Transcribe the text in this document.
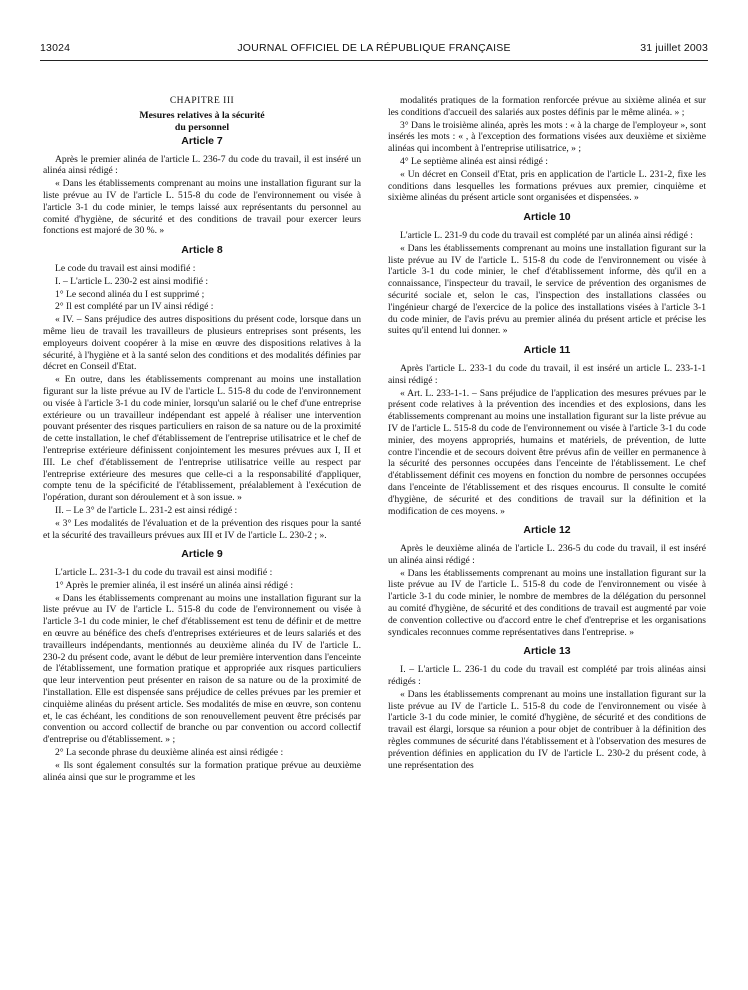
13024	JOURNAL OFFICIEL DE LA RÉPUBLIQUE FRANÇAISE	31 juillet 2003
CHAPITRE III
Mesures relatives à la sécurité
du personnel
Article 7

Après le premier alinéa de l'article L. 236-7 du code du travail, il est inséré un alinéa ainsi rédigé :

« Dans les établissements comprenant au moins une installation figurant sur la liste prévue au IV de l'article L. 515-8 du code de l'environnement ou visée à l'article 3-1 du code minier, le temps laissé aux représentants du personnel au comité d'hygiène, de sécurité et des conditions de travail pour exercer leurs fonctions est majoré de 30 %. »

Article 8

Le code du travail est ainsi modifié :

I. – L'article L. 230-2 est ainsi modifié :

1° Le second alinéa du I est supprimé ;

2° Il est complété par un IV ainsi rédigé :

« IV. – Sans préjudice des autres dispositions du présent code, lorsque dans un même lieu de travail les travailleurs de plusieurs entreprises sont présents, les employeurs doivent coopérer à la mise en œuvre des dispositions relatives à la sécurité, à l'hygiène et à la santé selon des conditions et des modalités définies par décret en Conseil d'Etat.

« En outre, dans les établissements comprenant au moins une installation figurant sur la liste prévue au IV de l'article L. 515-8 du code de l'environnement ou visée à l'article 3-1 du code minier, lorsqu'un salarié ou le chef d'une entreprise extérieure ou un travailleur indépendant est appelé à réaliser une intervention pouvant présenter des risques particuliers en raison de sa nature ou de la proximité de cette installation, le chef d'établissement de l'entreprise utilisatrice et le chef de l'entreprise extérieure définissent conjointement les mesures prévues aux I, II et III. Le chef d'établissement de l'entreprise utilisatrice veille au respect par l'entreprise extérieure des mesures que celle-ci a la responsabilité d'appliquer, compte tenu de la spécificité de l'établissement, préalablement à l'exécution de l'opération, durant son déroulement et à son issue. »

II. – Le 3° de l'article L. 231-2 est ainsi rédigé :

« 3° Les modalités de l'évaluation et de la prévention des risques pour la santé et la sécurité des travailleurs prévues aux III et IV de l'article L. 230-2 ; ».

Article 9

L'article L. 231-3-1 du code du travail est ainsi modifié :

1° Après le premier alinéa, il est inséré un alinéa ainsi rédigé :

« Dans les établissements comprenant au moins une installation figurant sur la liste prévue au IV de l'article L. 515-8 du code de l'environnement ou visée à l'article 3-1 du code minier, le chef d'établissement est tenu de définir et de mettre en œuvre au bénéfice des chefs d'entreprises extérieures et de leurs salariés et des travailleurs indépendants, mentionnés au deuxième alinéa du IV de l'article L. 230-2 du présent code, avant le début de leur première intervention dans l'enceinte de l'établissement, une formation pratique et appropriée aux risques particuliers que leur intervention peut présenter en raison de sa nature ou de la proximité de l'installation. Elle est dispensée sans préjudice de celles prévues par les premier et cinquième alinéas du présent article. Ses modalités de mise en œuvre, son contenu et, le cas échéant, les conditions de son renouvellement peuvent être précisés par convention ou accord collectif de branche ou par convention ou accord collectif d'entreprise ou d'établissement. » ;

2° La seconde phrase du deuxième alinéa est ainsi rédigée :

« Ils sont également consultés sur la formation pratique prévue au deuxième alinéa ainsi que sur le programme et les

modalités pratiques de la formation renforcée prévue au sixième alinéa et sur les conditions d'accueil des salariés aux postes définis par le même alinéa. » ;

3° Dans le troisième alinéa, après les mots : « à la charge de l'employeur », sont insérés les mots : « , à l'exception des formations visées aux deuxième et sixième alinéas qui incombent à l'entreprise utilisatrice, » ;

4° Le septième alinéa est ainsi rédigé :

« Un décret en Conseil d'Etat, pris en application de l'article L. 231-2, fixe les conditions dans lesquelles les formations prévues aux premier, cinquième et sixième alinéas du présent article sont organisées et dispensées. »

Article 10

L'article L. 231-9 du code du travail est complété par un alinéa ainsi rédigé :

« Dans les établissements comprenant au moins une installation figurant sur la liste prévue au IV de l'article L. 515-8 du code de l'environnement ou visée à l'article 3-1 du code minier, le chef d'établissement informe, dès qu'il en a connaissance, l'inspecteur du travail, le service de prévention des organismes de sécurité sociale et, selon le cas, l'inspection des installations classées ou l'ingénieur chargé de l'exercice de la police des installations visées à l'article 3-1 du code minier, de l'avis prévu au premier alinéa du présent article et précise les suites qu'il entend lui donner. »

Article 11

Après l'article L. 233-1 du code du travail, il est inséré un article L. 233-1-1 ainsi rédigé :

« Art. L. 233-1-1. – Sans préjudice de l'application des mesures prévues par le présent code relatives à la prévention des incendies et des explosions, dans les établissements comprenant au moins une installation figurant sur la liste prévue au IV de l'article L. 515-8 du code de l'environnement ou visée à l'article 3-1 du code minier, des moyens appropriés, humains et matériels, de prévention, de lutte contre l'incendie et de secours doivent être prévus afin de veiller en permanence à la sécurité des personnes occupées dans l'enceinte de l'établissement. Le chef d'établissement définit ces moyens en fonction du nombre de personnes occupées dans l'enceinte de l'établissement et des risques encourus. Il consulte le comité d'hygiène, de sécurité et des conditions de travail sur la définition et la modification de ces moyens. »

Article 12

Après le deuxième alinéa de l'article L. 236-5 du code du travail, il est inséré un alinéa ainsi rédigé :

« Dans les établissements comprenant au moins une installation figurant sur la liste prévue au IV de l'article L. 515-8 du code de l'environnement ou visée à l'article 3-1 du code minier, le nombre de membres de la délégation du personnel au comité d'hygiène, de sécurité et des conditions de travail est augmenté par voie de convention collective ou d'accord entre le chef d'entreprise et les organisations syndicales reconnues comme représentatives dans l'entreprise. »

Article 13

I. – L'article L. 236-1 du code du travail est complété par trois alinéas ainsi rédigés :

« Dans les établissements comprenant au moins une installation figurant sur la liste prévue au IV de l'article L. 515-8 du code de l'environnement ou visée à l'article 3-1 du code minier, le comité d'hygiène, de sécurité et des conditions de travail est élargi, lorsque sa réunion a pour objet de contribuer à la définition des règles communes de sécurité dans l'établissement et à l'observation des mesures de prévention définies en application du IV de l'article L. 230-2 du présent code, à une représentation des
